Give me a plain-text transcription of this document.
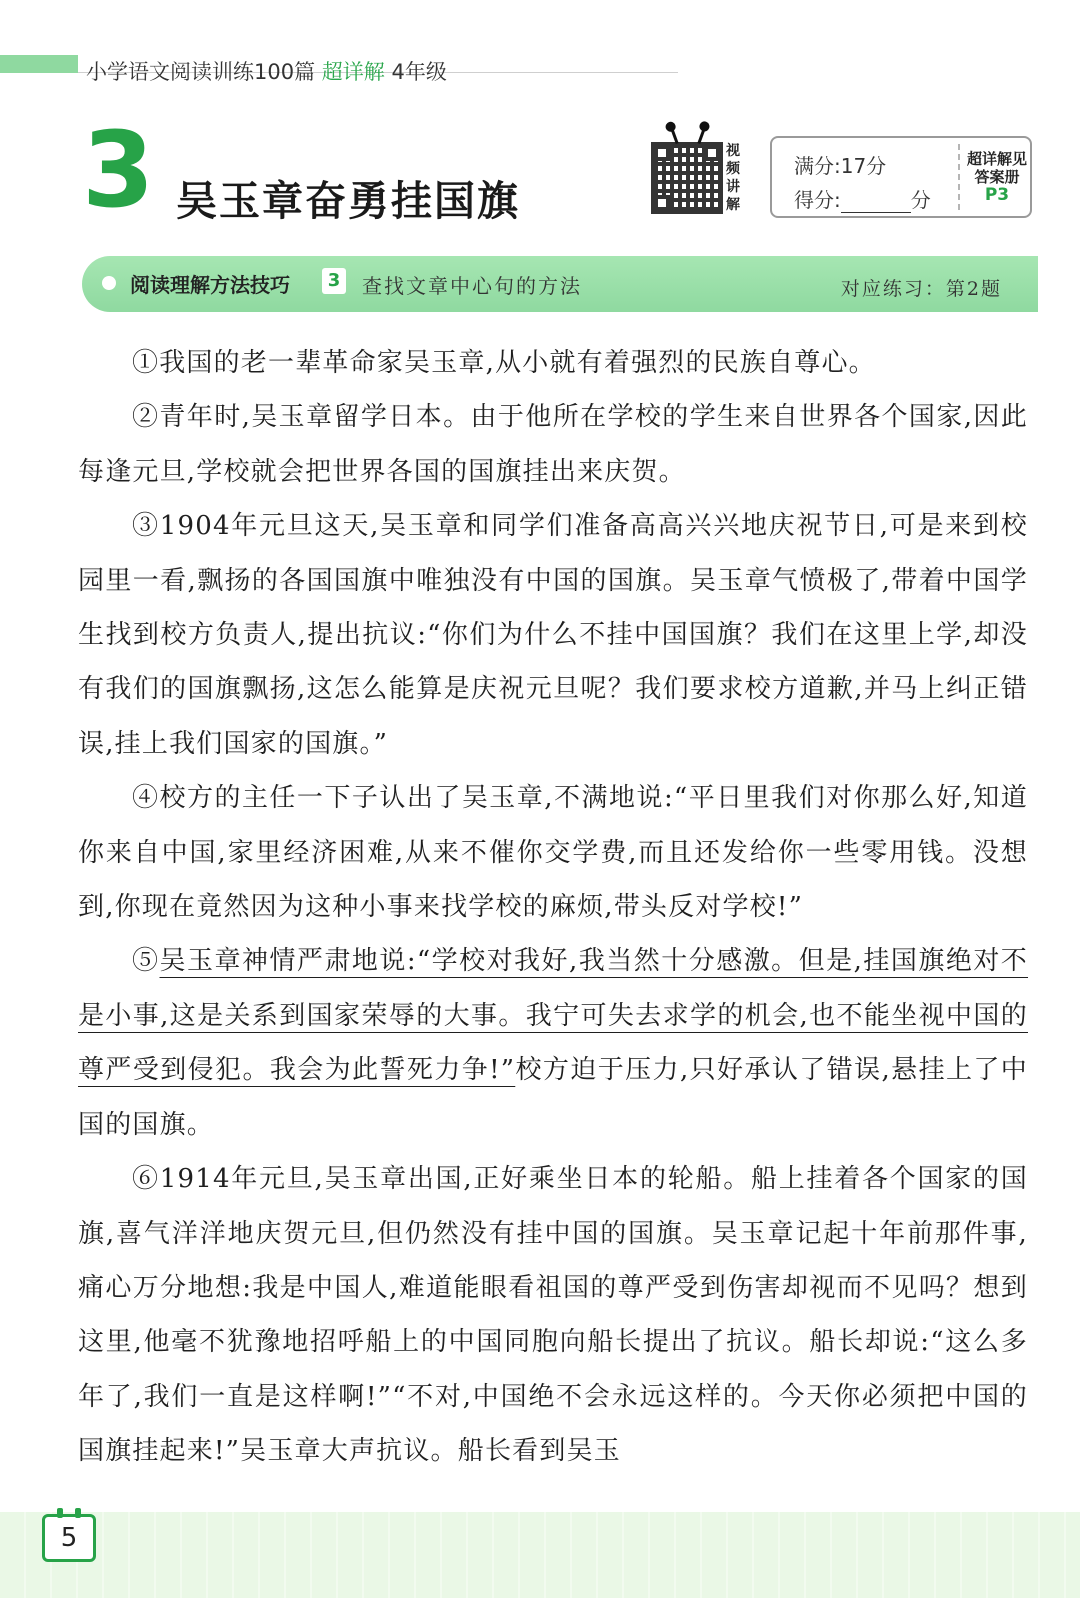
小学语文阅读训练100篇 超详解 4年级
3 吴玉章奋勇挂国旗
视
频
讲
解
满分:17分
得分:	分
超详解见
答案册
P3
阅读理解方法技巧	3 查找文章中心句的方法	对应练习：第2题

①我国的老一辈革命家吴玉章,从小就有着强烈的民族自尊心。

②青年时,吴玉章留学日本。由于他所在学校的学生来自世界各个国家,因此每逢元旦,学校就会把世界各国的国旗挂出来庆贺。

③1904年元旦这天,吴玉章和同学们准备高高兴兴地庆祝节日,可是来到校园里一看,飘扬的各国国旗中唯独没有中国的国旗。吴玉章气愤极了,带着中国学生找到校方负责人,提出抗议:“你们为什么不挂中国国旗？我们在这里上学,却没有我们的国旗飘扬,这怎么能算是庆祝元旦呢？我们要求校方道歉,并马上纠正错误,挂上我们国家的国旗。”

④校方的主任一下子认出了吴玉章,不满地说:“平日里我们对你那么好,知道你来自中国,家里经济困难,从来不催你交学费,而且还发给你一些零用钱。没想到,你现在竟然因为这种小事来找学校的麻烦,带头反对学校!”

⑤吴玉章神情严肃地说:“学校对我好,我当然十分感激。但是,挂国旗绝对不是小事,这是关系到国家荣辱的大事。我宁可失去求学的机会,也不能坐视中国的尊严受到侵犯。我会为此誓死力争!”校方迫于压力,只好承认了错误,悬挂上了中国的国旗。

⑥1914年元旦,吴玉章出国,正好乘坐日本的轮船。船上挂着各个国家的国旗,喜气洋洋地庆贺元旦,但仍然没有挂中国的国旗。吴玉章记起十年前那件事,痛心万分地想:我是中国人,难道能眼看祖国的尊严受到伤害却视而不见吗？想到这里,他毫不犹豫地招呼船上的中国同胞向船长提出了抗议。船长却说:“这么多年了,我们一直是这样啊!”“不对,中国绝不会永远这样的。今天你必须把中国的国旗挂起来!”吴玉章大声抗议。船长看到吴玉

5
